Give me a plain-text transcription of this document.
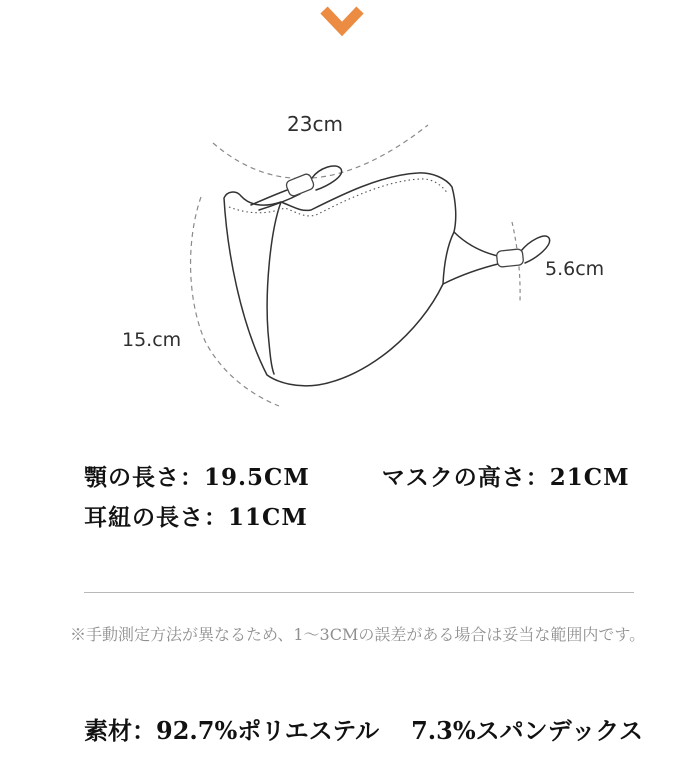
23cm
15.cm
5.6cm
顎の長さ：19.5CM	マスクの高さ：21CM
耳紐の長さ：11CM
※手動測定方法が異なるため、1〜3CMの誤差がある場合は妥当な範囲内です。
素材：92.7%ポリエステル 7.3%スパンデックス
